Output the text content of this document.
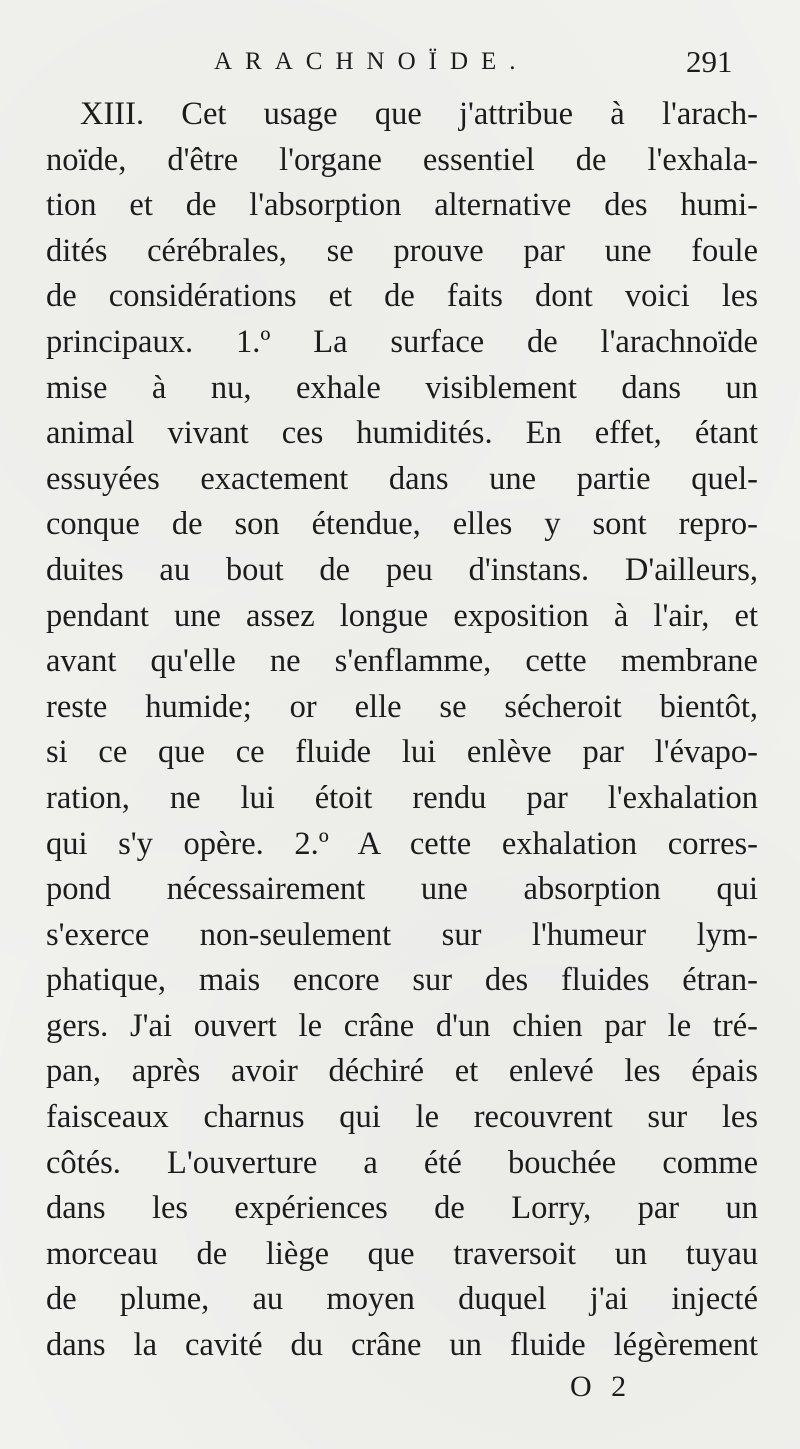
ARACHNOÏDE.	291
XIII. Cet usage que j'attribue à l'arach-
noïde, d'être l'organe essentiel de l'exhala-
tion et de l'absorption alternative des humi-
dités cérébrales, se prouve par une foule
de considérations et de faits dont voici les
principaux. 1.º La surface de l'arachnoïde
mise à nu, exhale visiblement dans un
animal vivant ces humidités. En effet, étant
essuyées exactement dans une partie quel-
conque de son étendue, elles y sont repro-
duites au bout de peu d'instans. D'ailleurs,
pendant une assez longue exposition à l'air, et
avant qu'elle ne s'enflamme, cette membrane
reste humide; or elle se sécheroit bientôt,
si ce que ce fluide lui enlève par l'évapo-
ration, ne lui étoit rendu par l'exhalation
qui s'y opère. 2.º A cette exhalation corres-
pond nécessairement une absorption qui
s'exerce non-seulement sur l'humeur lym-
phatique, mais encore sur des fluides étran-
gers. J'ai ouvert le crâne d'un chien par le tré-
pan, après avoir déchiré et enlevé les épais
faisceaux charnus qui le recouvrent sur les
côtés. L'ouverture a été bouchée comme
dans les expériences de Lorry, par un
morceau de liège que traversoit un tuyau
de plume, au moyen duquel j'ai injecté
dans la cavité du crâne un fluide légèrement
O 2
